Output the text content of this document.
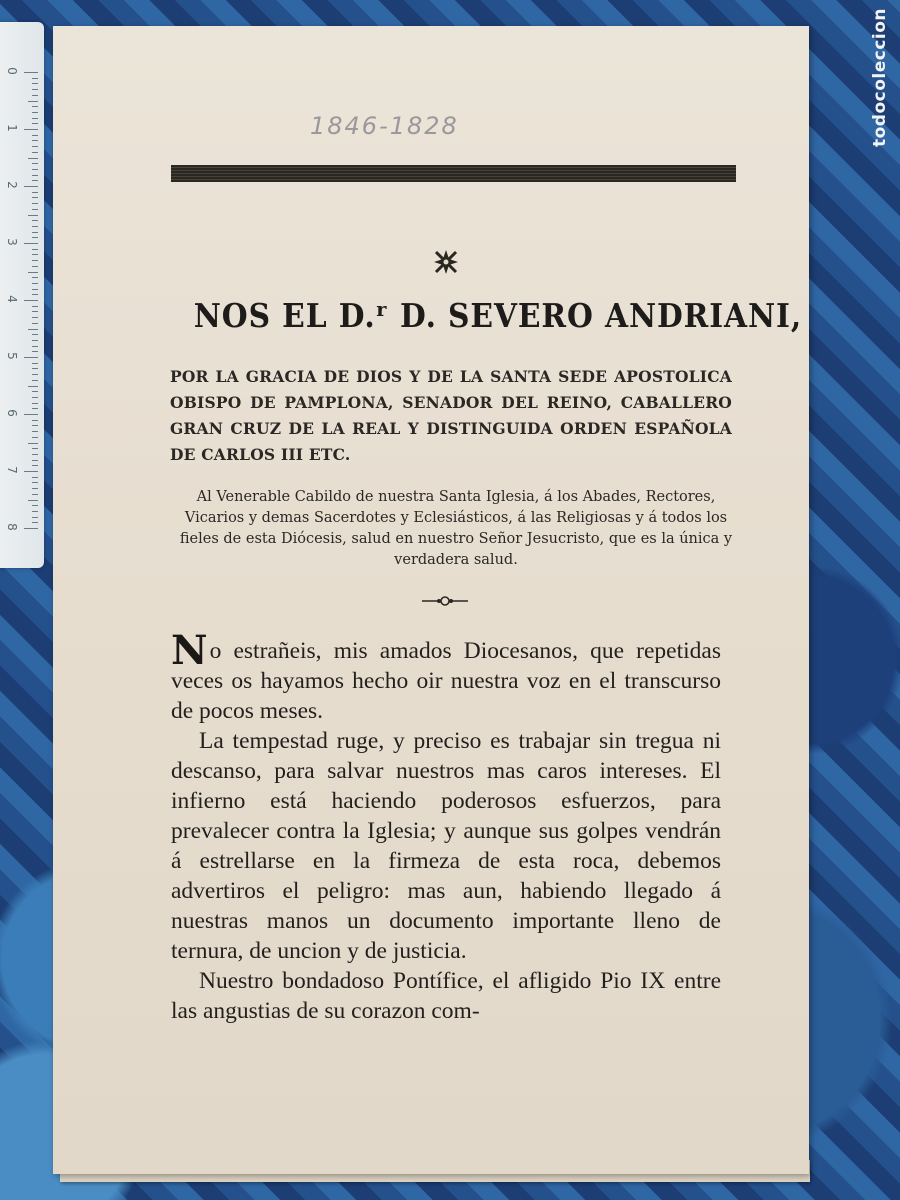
todocoleccion
0
1
2
3
4
5
6
7
8
1846-1828
NOS EL D.ʳ D. SEVERO ANDRIANI,
POR LA GRACIA DE DIOS Y DE LA SANTA SEDE APOSTOLICA OBISPO DE PAMPLONA, SENADOR DEL REINO, CABALLERO GRAN CRUZ DE LA REAL Y DISTINGUIDA ORDEN ESPAÑOLA DE CARLOS III ETC.
Al Venerable Cabildo de nuestra Santa Iglesia, á los Abades, Rectores, Vicarios y demas Sacerdotes y Eclesiásticos, á las Religiosas y á todos los fieles de esta Diócesis, salud en nuestro Señor Jesucristo, que es la única y verdadera salud.

No estrañeis, mis amados Diocesanos, que repetidas veces os hayamos hecho oir nuestra voz en el transcurso de pocos meses.

La tempestad ruge, y preciso es trabajar sin tregua ni descanso, para salvar nuestros mas caros intereses. El infierno está haciendo poderosos esfuerzos, para prevalecer contra la Iglesia; y aunque sus golpes vendrán á estrellarse en la firmeza de esta roca, debemos advertiros el peligro: mas aun, habiendo llegado á nuestras manos un documento importante lleno de ternura, de uncion y de justicia.

Nuestro bondadoso Pontífice, el afligido Pio IX entre las angustias de su corazon com-
